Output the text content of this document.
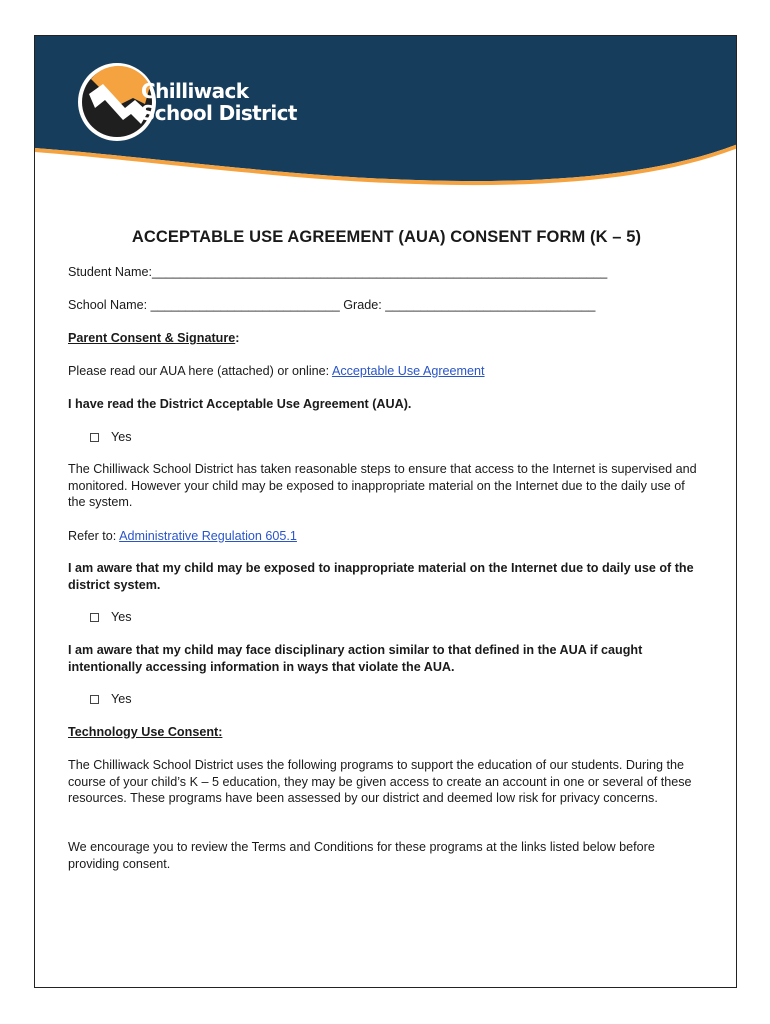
Chilliwack
School District
ACCEPTABLE USE AGREEMENT (AUA) CONSENT FORM (K – 5)
Student Name:_________________________________________________________________
School Name: ___________________________ Grade: ______________________________
Parent Consent & Signature:
Please read our AUA here (attached) or online: Acceptable Use Agreement
I have read the District Acceptable Use Agreement (AUA).
Yes
The Chilliwack School District has taken reasonable steps to ensure that access to the Internet is supervised and monitored. However your child may be exposed to inappropriate material on the Internet due to the daily use of the system.
Refer to: Administrative Regulation 605.1
I am aware that my child may be exposed to inappropriate material on the Internet due to daily use of the district system.
Yes
I am aware that my child may face disciplinary action similar to that defined in the AUA if caught intentionally accessing information in ways that violate the AUA.
Yes
Technology Use Consent:
The Chilliwack School District uses the following programs to support the education of our students. During the course of your child’s K – 5 education, they may be given access to create an account in one or several of these resources. These programs have been assessed by our district and deemed low risk for privacy concerns.
We encourage you to review the Terms and Conditions for these programs at the links listed below before providing consent.
